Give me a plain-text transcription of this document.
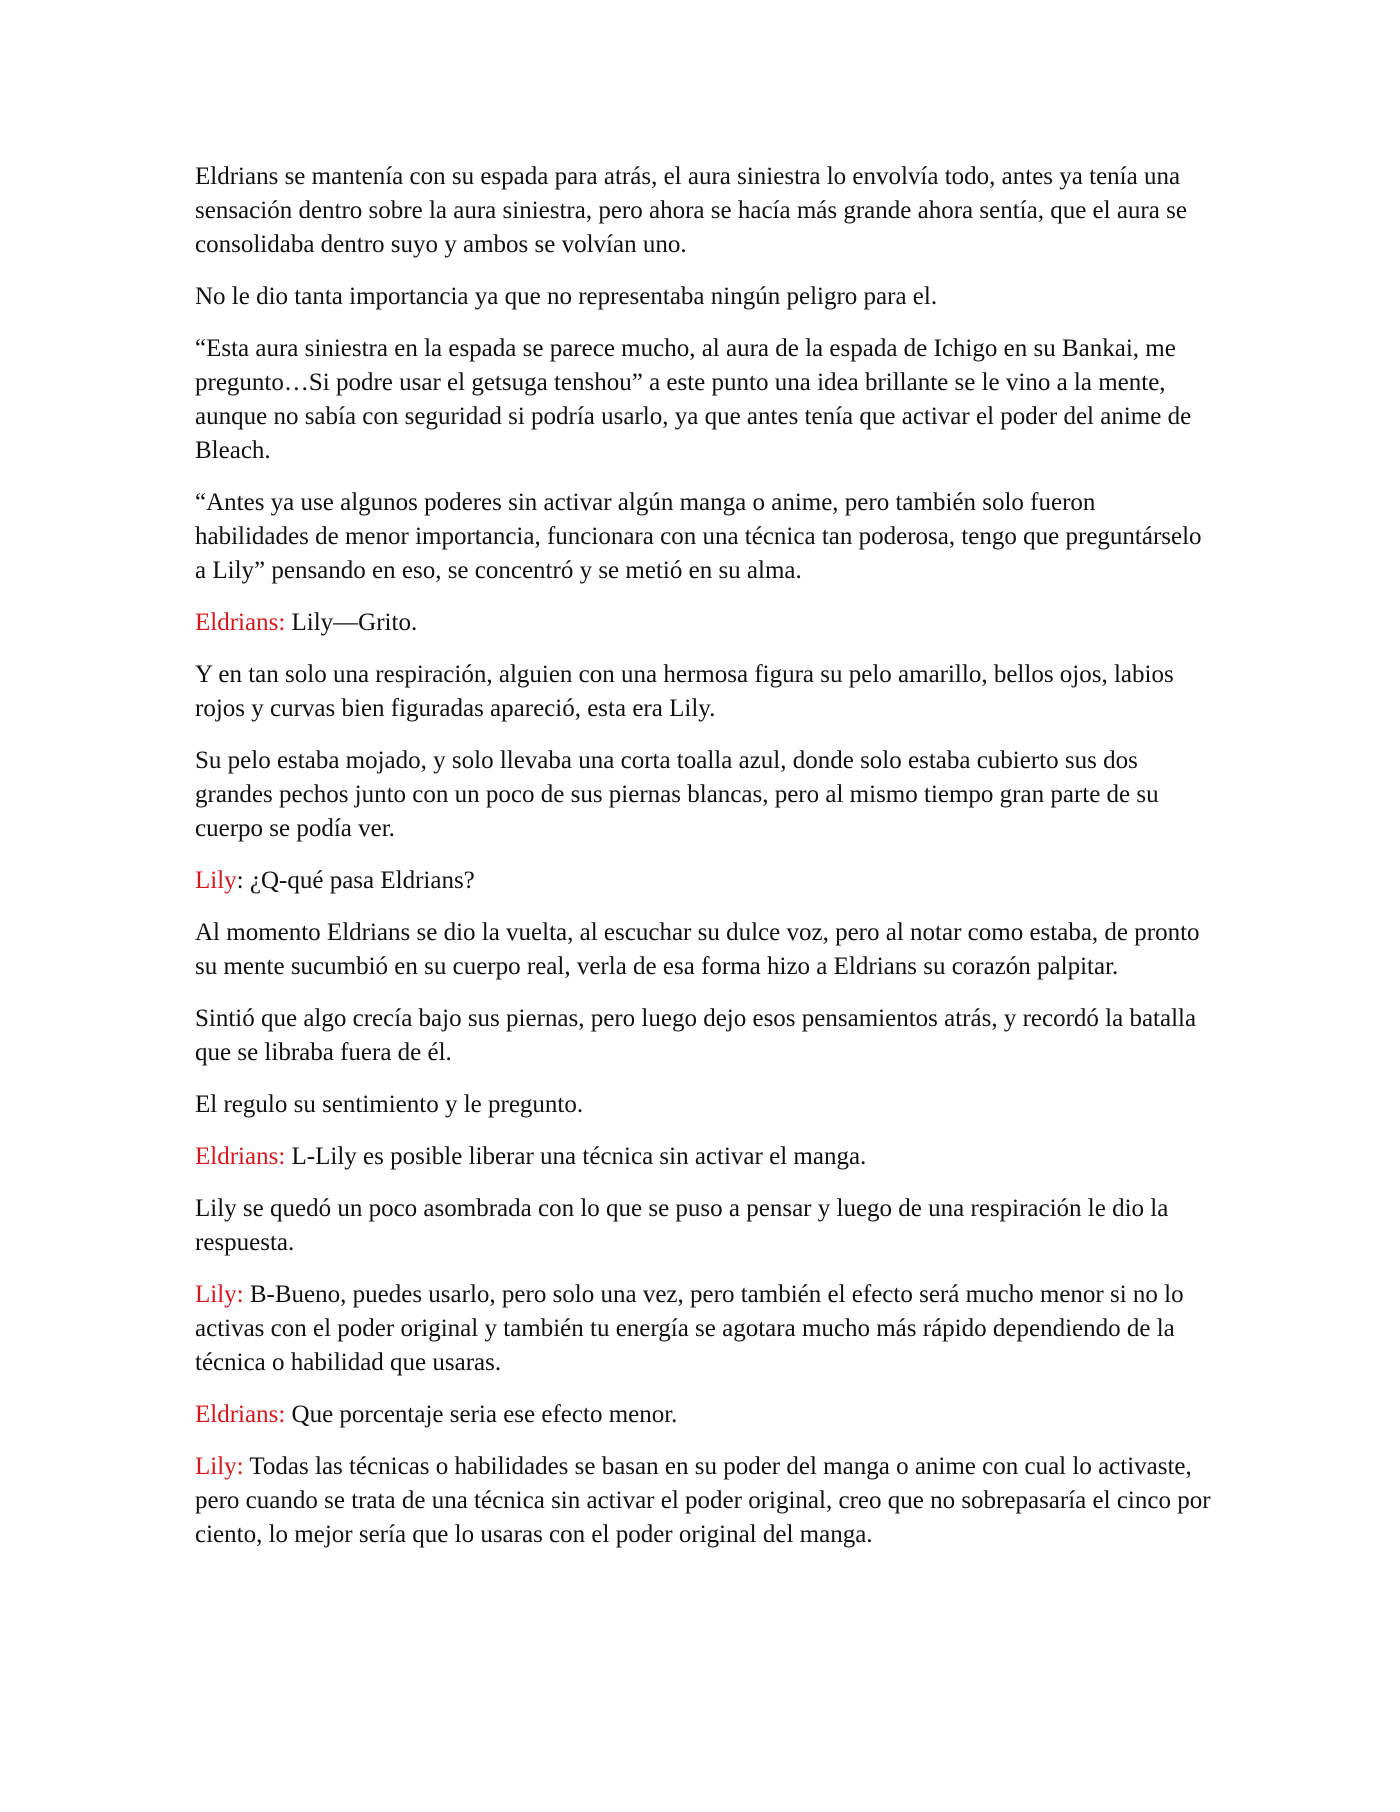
Eldrians se mantenía con su espada para atrás, el aura siniestra lo envolvía todo, antes ya tenía una sensación dentro sobre la aura siniestra, pero ahora se hacía más grande ahora sentía, que el aura se consolidaba dentro suyo y ambos se volvían uno.

No le dio tanta importancia ya que no representaba ningún peligro para el.

“Esta aura siniestra en la espada se parece mucho, al aura de la espada de Ichigo en su Bankai, me pregunto…Si podre usar el getsuga tenshou” a este punto una idea brillante se le vino a la mente, aunque no sabía con seguridad si podría usarlo, ya que antes tenía que activar el poder del anime de Bleach.

“Antes ya use algunos poderes sin activar algún manga o anime, pero también solo fueron habilidades de menor importancia, funcionara con una técnica tan poderosa, tengo que preguntárselo a Lily” pensando en eso, se concentró y se metió en su alma.

Eldrians: Lily—Grito.

Y en tan solo una respiración, alguien con una hermosa figura su pelo amarillo, bellos ojos, labios rojos y curvas bien figuradas apareció, esta era Lily.

Su pelo estaba mojado, y solo llevaba una corta toalla azul, donde solo estaba cubierto sus dos grandes pechos junto con un poco de sus piernas blancas, pero al mismo tiempo gran parte de su cuerpo se podía ver.

Lily: ¿Q-qué pasa Eldrians?

Al momento Eldrians se dio la vuelta, al escuchar su dulce voz, pero al notar como estaba, de pronto su mente sucumbió en su cuerpo real, verla de esa forma hizo a Eldrians su corazón palpitar.

Sintió que algo crecía bajo sus piernas, pero luego dejo esos pensamientos atrás, y recordó la batalla que se libraba fuera de él.

El regulo su sentimiento y le pregunto.

Eldrians: L-Lily es posible liberar una técnica sin activar el manga.

Lily se quedó un poco asombrada con lo que se puso a pensar y luego de una respiración le dio la respuesta.

Lily: B-Bueno, puedes usarlo, pero solo una vez, pero también el efecto será mucho menor si no lo activas con el poder original y también tu energía se agotara mucho más rápido dependiendo de la técnica o habilidad que usaras.

Eldrians: Que porcentaje seria ese efecto menor.

Lily: Todas las técnicas o habilidades se basan en su poder del manga o anime con cual lo activaste, pero cuando se trata de una técnica sin activar el poder original, creo que no sobrepasaría el cinco por ciento, lo mejor sería que lo usaras con el poder original del manga.
